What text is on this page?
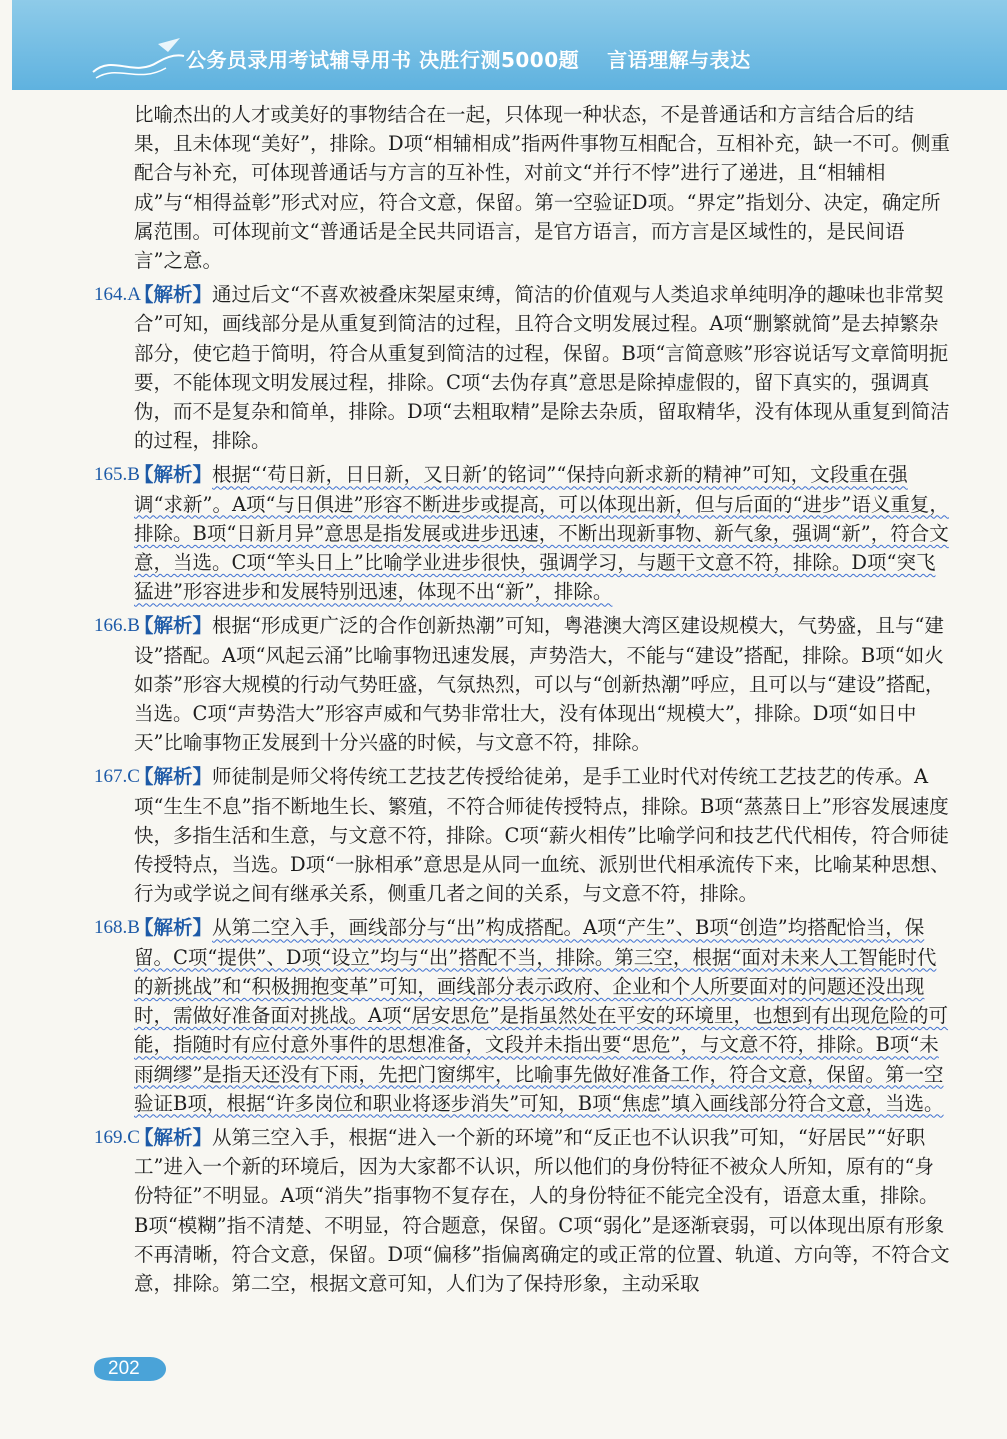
公务员录用考试辅导用书 决胜行测5000题 言语理解与表达

比喻杰出的人才或美好的事物结合在一起，只体现一种状态，不是普通话和方言结合后的结果，且未体现“美好”，排除。D项“相辅相成”指两件事物互相配合，互相补充，缺一不可。侧重配合与补充，可体现普通话与方言的互补性，对前文“并行不悖”进行了递进，且“相辅相成”与“相得益彰”形式对应，符合文意，保留。第一空验证D项。“界定”指划分、决定，确定所属范围。可体现前文“普通话是全民共同语言，是官方语言，而方言是区域性的，是民间语言”之意。

164.A
【解析】通过后文“不喜欢被叠床架屋束缚，简洁的价值观与人类追求单纯明净的趣味也非常契合”可知，画线部分是从重复到简洁的过程，且符合文明发展过程。A项“删繁就简”是去掉繁杂部分，使它趋于简明，符合从重复到简洁的过程，保留。B项“言简意赅”形容说话写文章简明扼要，不能体现文明发展过程，排除。C项“去伪存真”意思是除掉虚假的，留下真实的，强调真伪，而不是复杂和简单，排除。D项“去粗取精”是除去杂质，留取精华，没有体现从重复到简洁的过程，排除。
165.B
【解析】根据“‘苟日新，日日新，又日新’的铭词”“保持向新求新的精神”可知，文段重在强调“求新”。A项“与日俱进”形容不断进步或提高，可以体现出新，但与后面的“进步”语义重复，排除。B项“日新月异”意思是指发展或进步迅速，不断出现新事物、新气象，强调“新”，符合文意，当选。C项“竿头日上”比喻学业进步很快，强调学习，与题干文意不符，排除。D项“突飞猛进”形容进步和发展特别迅速，体现不出“新”，排除。
166.B
【解析】根据“形成更广泛的合作创新热潮”可知，粤港澳大湾区建设规模大，气势盛，且与“建设”搭配。A项“风起云涌”比喻事物迅速发展，声势浩大，不能与“建设”搭配，排除。B项“如火如荼”形容大规模的行动气势旺盛，气氛热烈，可以与“创新热潮”呼应，且可以与“建设”搭配，当选。C项“声势浩大”形容声威和气势非常壮大，没有体现出“规模大”，排除。D项“如日中天”比喻事物正发展到十分兴盛的时候，与文意不符，排除。
167.C
【解析】师徒制是师父将传统工艺技艺传授给徒弟，是手工业时代对传统工艺技艺的传承。A项“生生不息”指不断地生长、繁殖，不符合师徒传授特点，排除。B项“蒸蒸日上”形容发展速度快，多指生活和生意，与文意不符，排除。C项“薪火相传”比喻学问和技艺代代相传，符合师徒传授特点，当选。D项“一脉相承”意思是从同一血统、派别世代相承流传下来，比喻某种思想、行为或学说之间有继承关系，侧重几者之间的关系，与文意不符，排除。
168.B
【解析】从第二空入手，画线部分与“出”构成搭配。A项“产生”、B项“创造”均搭配恰当，保留。C项“提供”、D项“设立”均与“出”搭配不当，排除。第三空，根据“面对未来人工智能时代的新挑战”和“积极拥抱变革”可知，画线部分表示政府、企业和个人所要面对的问题还没出现时，需做好准备面对挑战。A项“居安思危”是指虽然处在平安的环境里，也想到有出现危险的可能，指随时有应付意外事件的思想准备，文段并未指出要“思危”，与文意不符，排除。B项“未雨绸缪”是指天还没有下雨，先把门窗绑牢，比喻事先做好准备工作，符合文意，保留。第一空验证B项，根据“许多岗位和职业将逐步消失”可知，B项“焦虑”填入画线部分符合文意，当选。
169.C
【解析】从第三空入手，根据“进入一个新的环境”和“反正也不认识我”可知，“好居民”“好职工”进入一个新的环境后，因为大家都不认识，所以他们的身份特征不被众人所知，原有的“身份特征”不明显。A项“消失”指事物不复存在，人的身份特征不能完全没有，语意太重，排除。B项“模糊”指不清楚、不明显，符合题意，保留。C项“弱化”是逐渐衰弱，可以体现出原有形象不再清晰，符合文意，保留。D项“偏移”指偏离确定的或正常的位置、轨道、方向等，不符合文意，排除。第二空，根据文意可知，人们为了保持形象，主动采取
202
